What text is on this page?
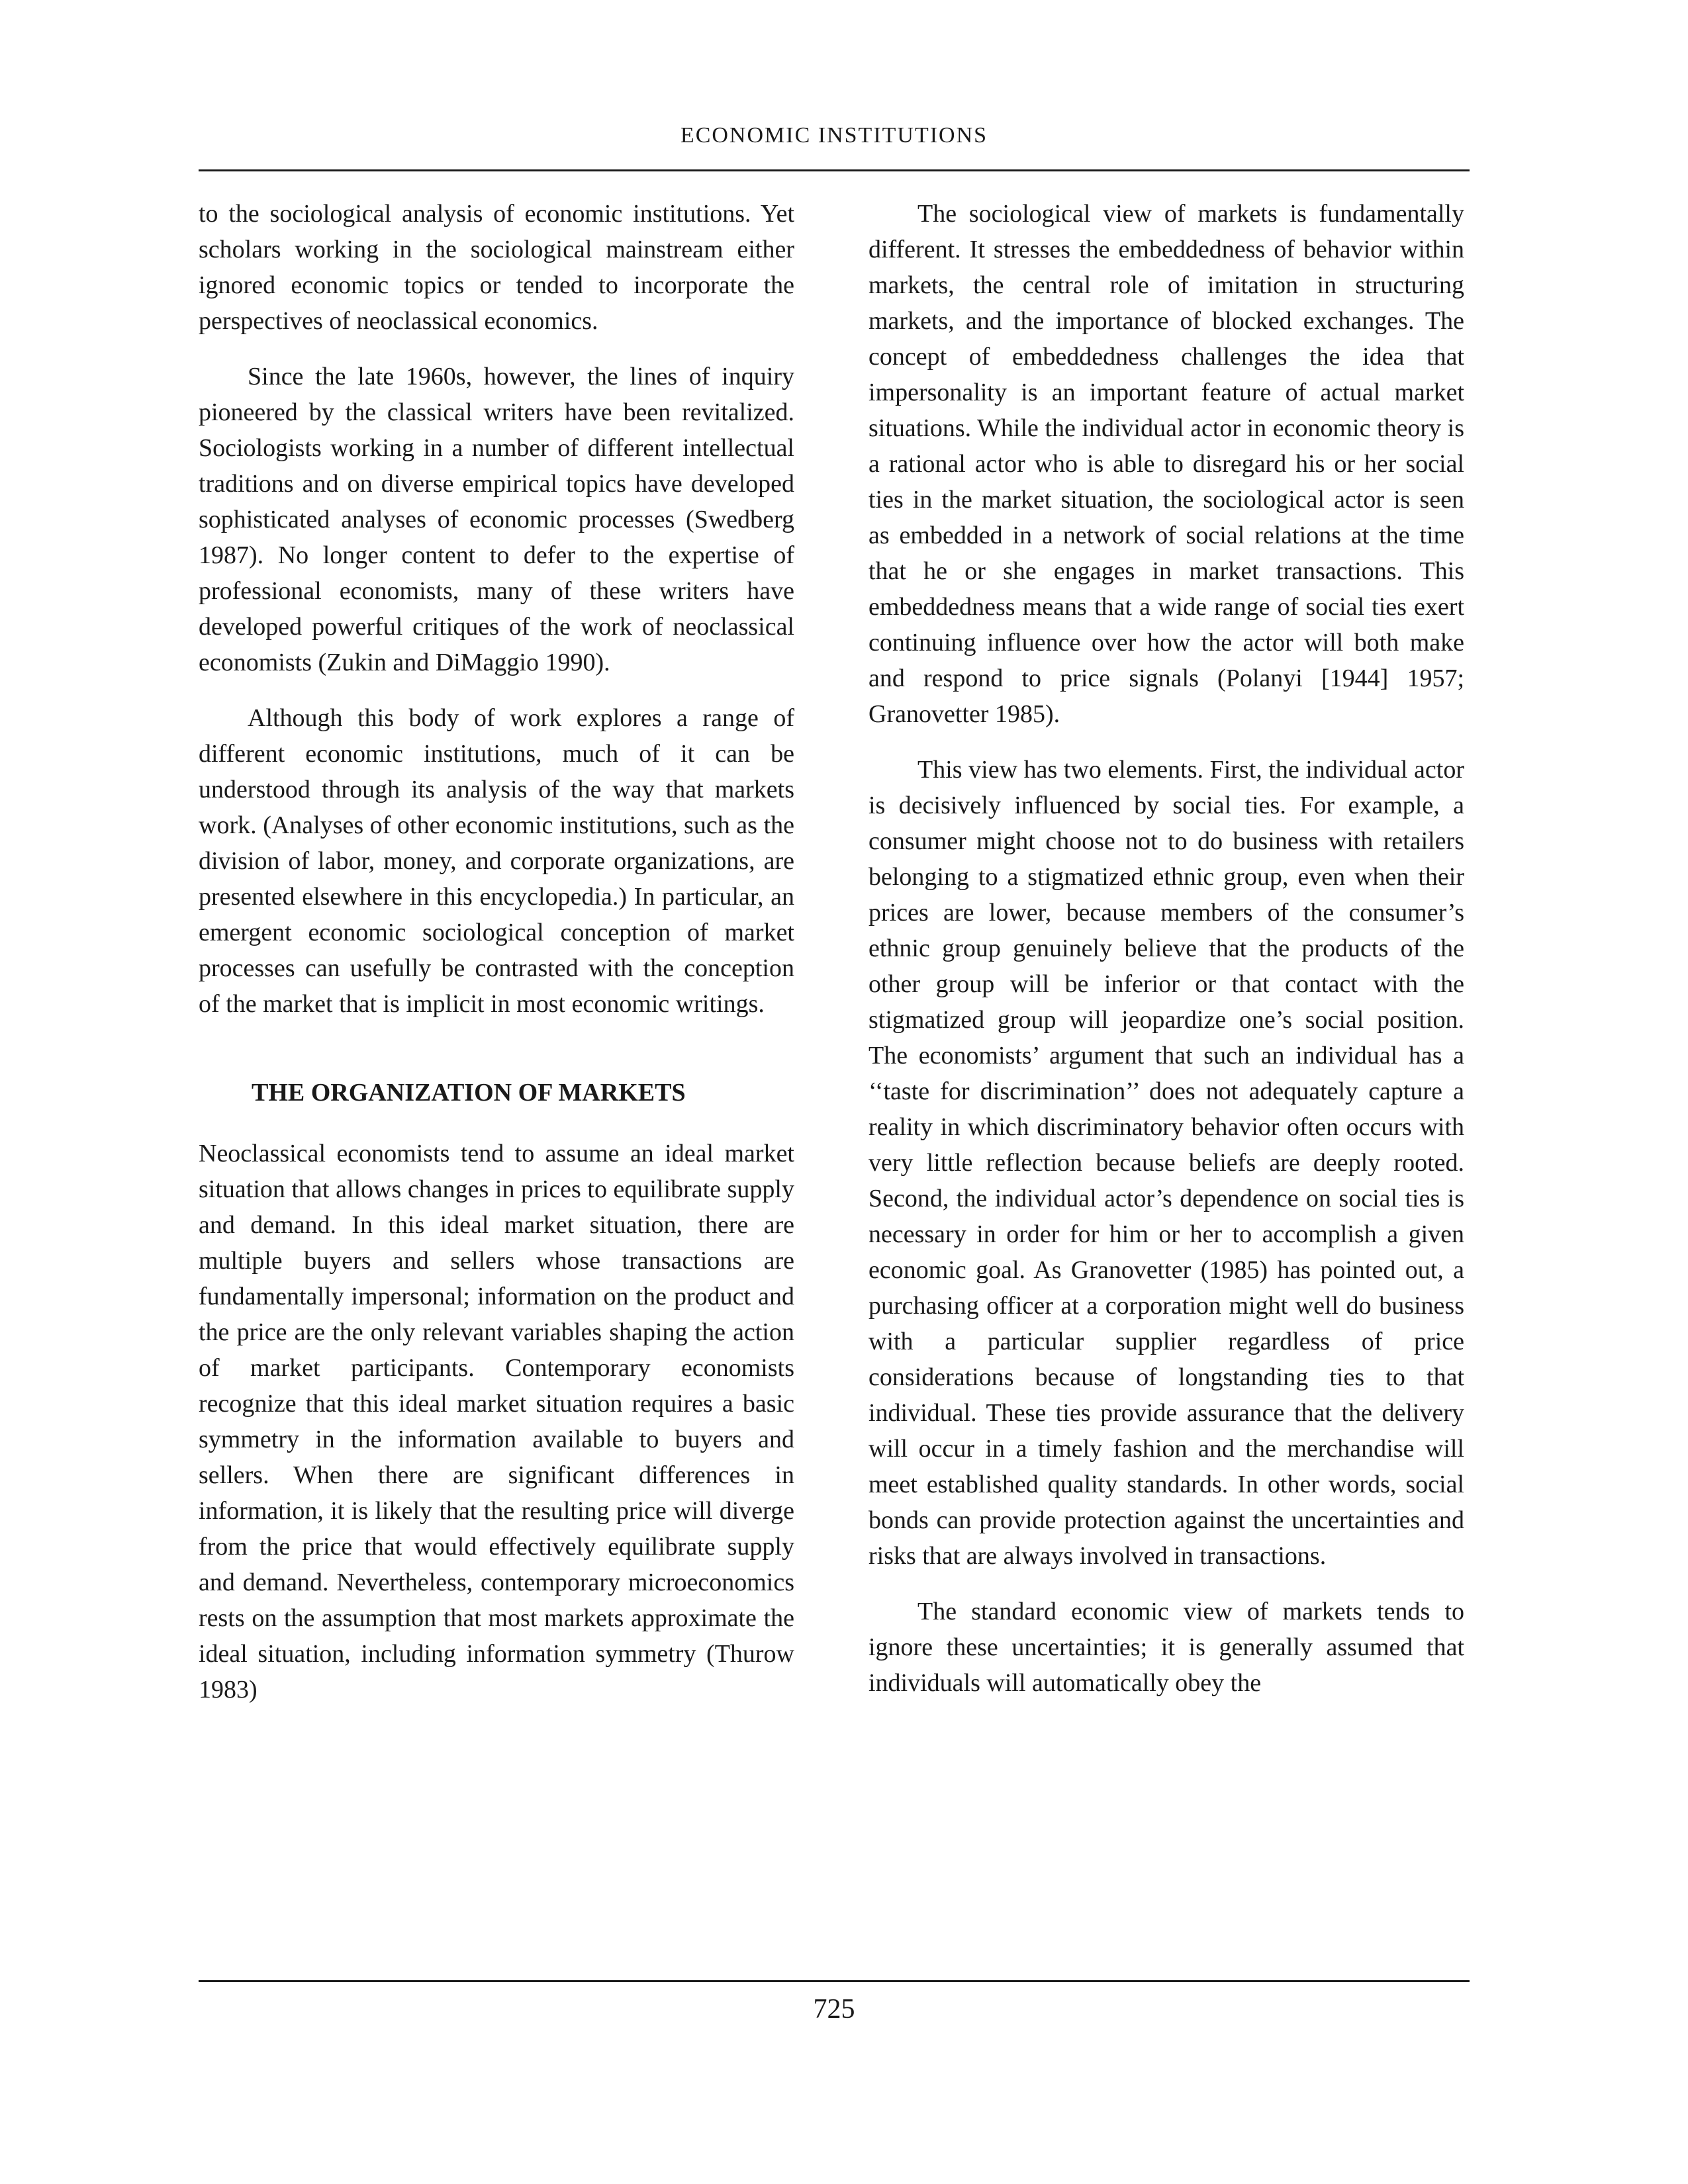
ECONOMIC INSTITUTIONS

to the sociological analysis of economic institutions. Yet scholars working in the sociological mainstream either ignored economic topics or tended to incorporate the perspectives of neoclassical economics.

Since the late 1960s, however, the lines of inquiry pioneered by the classical writers have been revitalized. Sociologists working in a number of different intellectual traditions and on diverse empirical topics have developed sophisticated analyses of economic processes (Swedberg 1987). No longer content to defer to the expertise of professional economists, many of these writers have developed powerful critiques of the work of neoclassical economists (Zukin and DiMaggio 1990).

Although this body of work explores a range of different economic institutions, much of it can be understood through its analysis of the way that markets work. (Analyses of other economic institutions, such as the division of labor, money, and corporate organizations, are presented elsewhere in this encyclopedia.) In particular, an emergent economic sociological conception of market processes can usefully be contrasted with the conception of the market that is implicit in most economic writings.

THE ORGANIZATION OF MARKETS

Neoclassical economists tend to assume an ideal market situation that allows changes in prices to equilibrate supply and demand. In this ideal market situation, there are multiple buyers and sellers whose transactions are fundamentally impersonal; information on the product and the price are the only relevant variables shaping the action of market participants. Contemporary economists recognize that this ideal market situation requires a basic symmetry in the information available to buyers and sellers. When there are significant differences in information, it is likely that the resulting price will diverge from the price that would effectively equilibrate supply and demand. Nevertheless, contemporary microeconomics rests on the assumption that most markets approximate the ideal situation, including information symmetry (Thurow 1983)

The sociological view of markets is fundamentally different. It stresses the embeddedness of behavior within markets, the central role of imitation in structuring markets, and the importance of blocked exchanges. The concept of embeddedness challenges the idea that impersonality is an important feature of actual market situations. While the individual actor in economic theory is a rational actor who is able to disregard his or her social ties in the market situation, the sociological actor is seen as embedded in a network of social relations at the time that he or she engages in market transactions. This embeddedness means that a wide range of social ties exert continuing influence over how the actor will both make and respond to price signals (Polanyi [1944] 1957; Granovetter 1985).

This view has two elements. First, the individual actor is decisively influenced by social ties. For example, a consumer might choose not to do business with retailers belonging to a stigmatized ethnic group, even when their prices are lower, because members of the consumer’s ethnic group genuinely believe that the products of the other group will be inferior or that contact with the stigmatized group will jeopardize one’s social position. The economists’ argument that such an individual has a ‘‘taste for discrimination’’ does not adequately capture a reality in which discriminatory behavior often occurs with very little reflection because beliefs are deeply rooted. Second, the individual actor’s dependence on social ties is necessary in order for him or her to accomplish a given economic goal. As Granovetter (1985) has pointed out, a purchasing officer at a corporation might well do business with a particular supplier regardless of price considerations because of longstanding ties to that individual. These ties provide assurance that the delivery will occur in a timely fashion and the merchandise will meet established quality standards. In other words, social bonds can provide protection against the uncertainties and risks that are always involved in transactions.

The standard economic view of markets tends to ignore these uncertainties; it is generally assumed that individuals will automatically obey the

725
